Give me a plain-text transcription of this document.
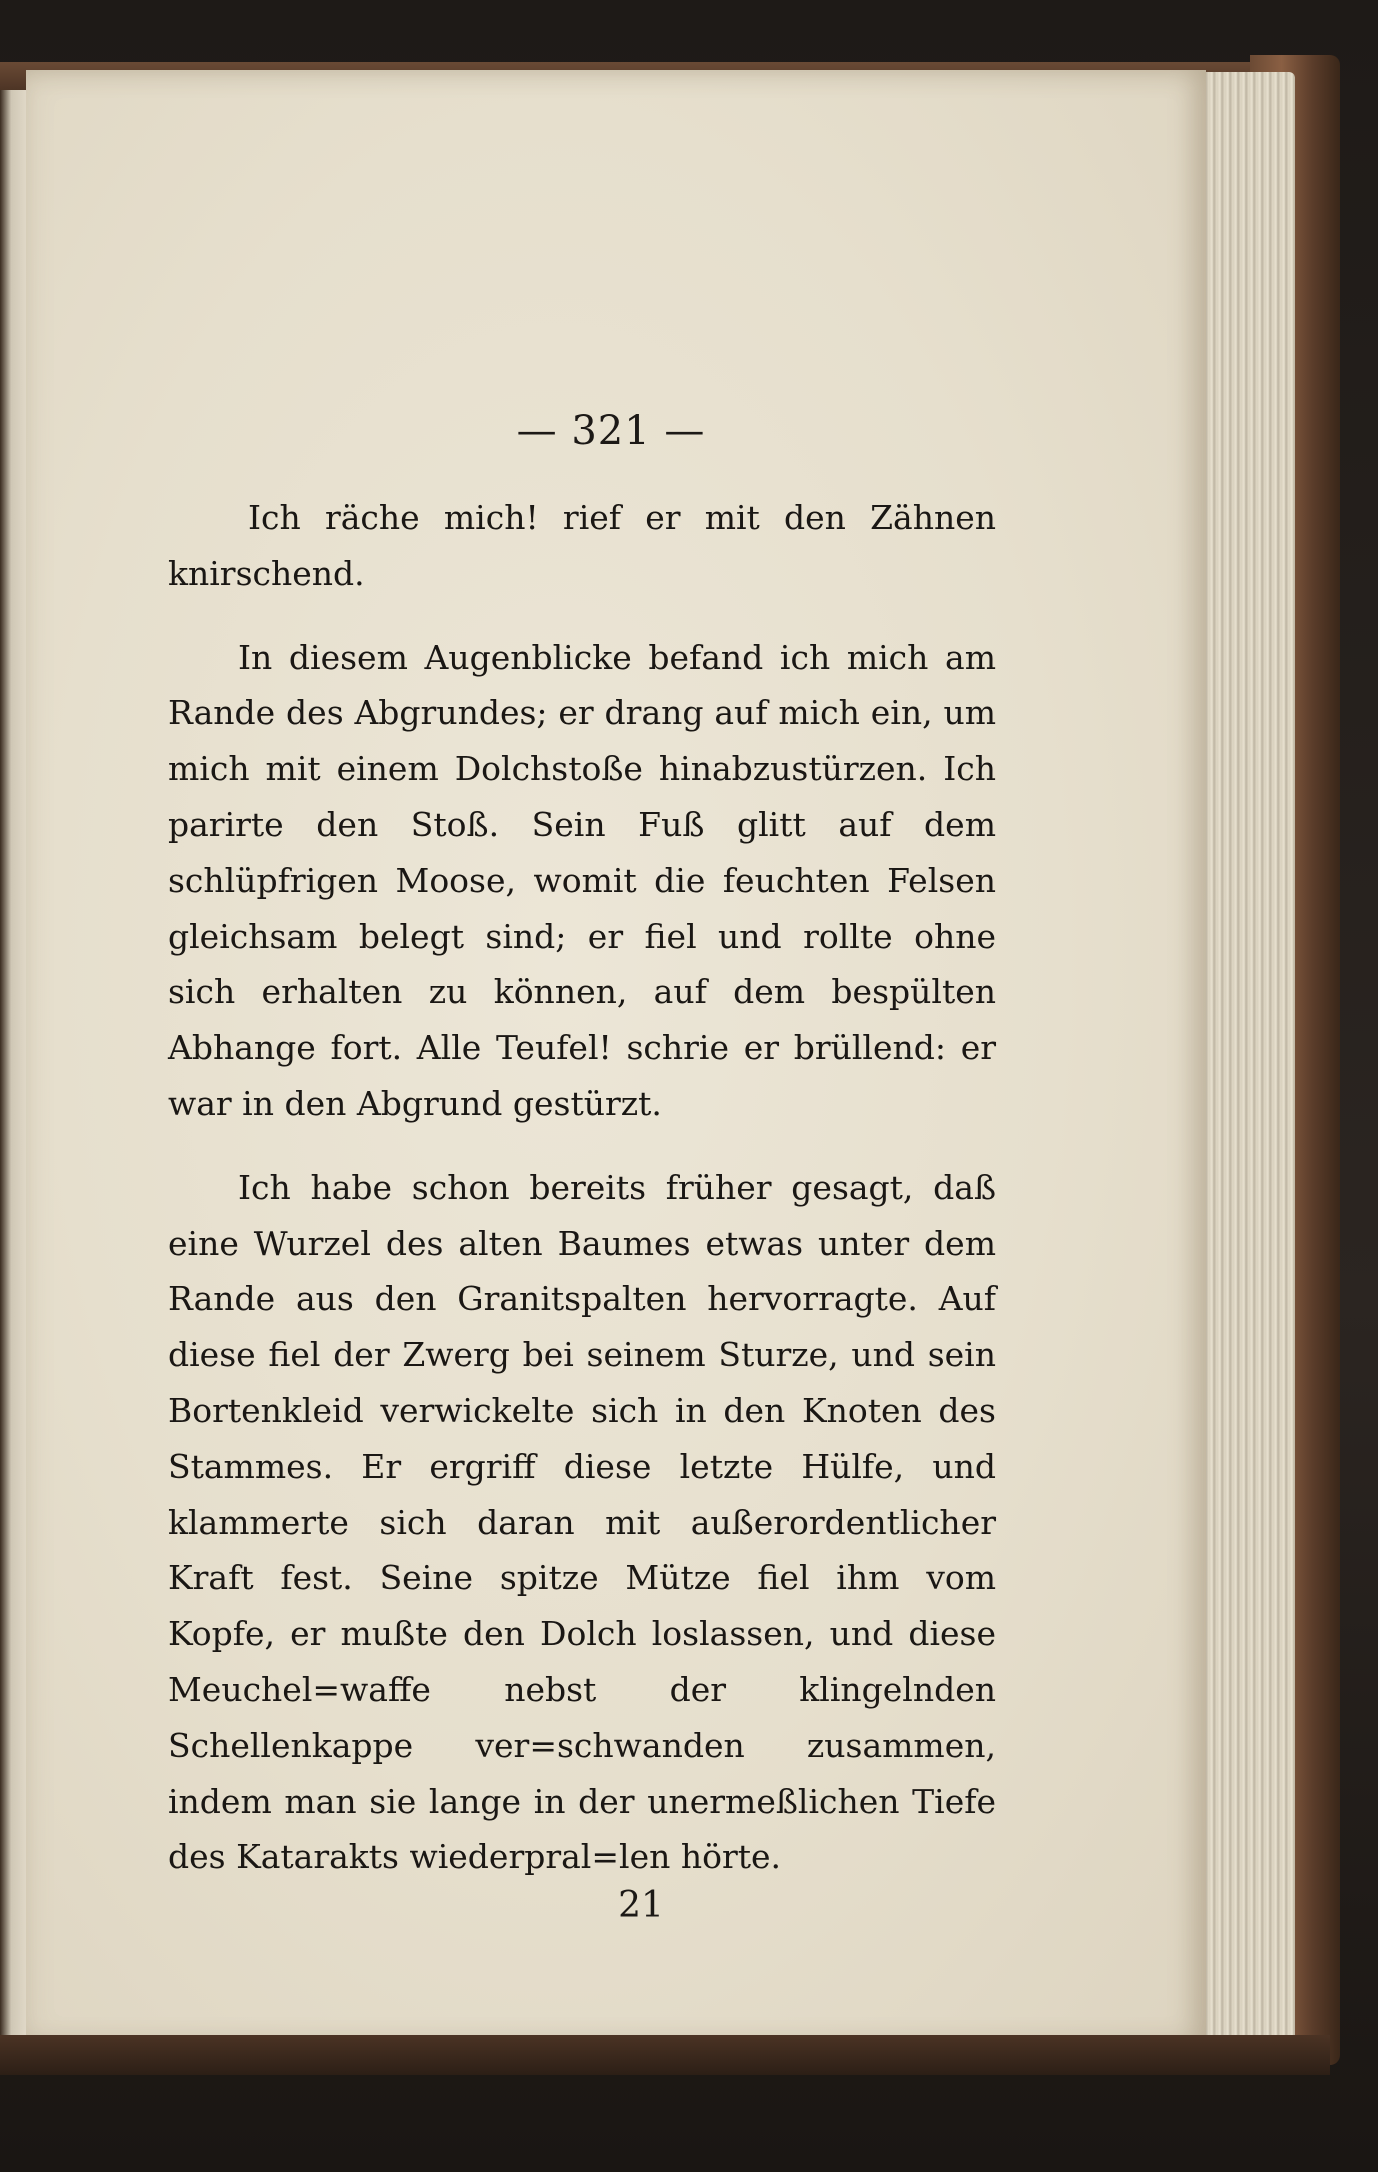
— 321 —

Ich räche mich! rief er mit den Zähnen knirschend.

In diesem Augenblicke befand ich mich am Rande des Abgrundes; er drang auf mich ein, um mich mit einem Dolchstoße hinabzustürzen. Ich parirte den Stoß. Sein Fuß glitt auf dem schlüpfrigen Moose, womit die feuchten Felsen gleichsam belegt sind; er fiel und rollte ohne sich erhalten zu können, auf dem bespülten Abhange fort. Alle Teufel! schrie er brüllend: er war in den Abgrund gestürzt.

Ich habe schon bereits früher gesagt, daß eine Wurzel des alten Baumes etwas unter dem Rande aus den Granitspalten hervorragte. Auf diese fiel der Zwerg bei seinem Sturze, und sein Bortenkleid verwickelte sich in den Knoten des Stammes. Er ergriff diese letzte Hülfe, und klammerte sich daran mit außerordentlicher Kraft fest. Seine spitze Mütze fiel ihm vom Kopfe, er mußte den Dolch loslassen, und diese Meuchel=waffe nebst der klingelnden Schellenkappe ver=schwanden zusammen, indem man sie lange in der unermeßlichen Tiefe des Katarakts wiederpral=len hörte.

21
